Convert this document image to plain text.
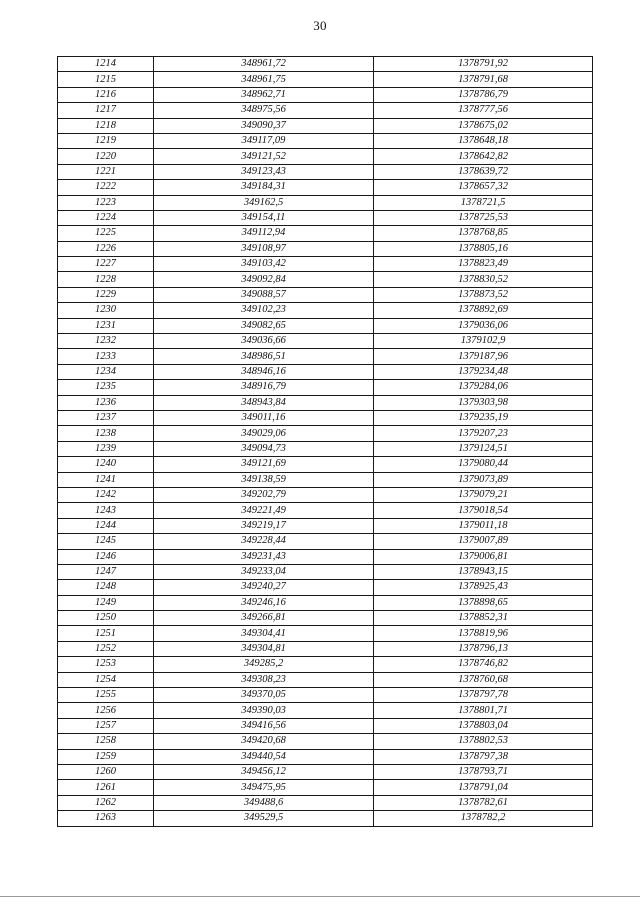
30
1214	348961,72	1378791,92
1215	348961,75	1378791,68
1216	348962,71	1378786,79
1217	348975,56	1378777,56
1218	349090,37	1378675,02
1219	349117,09	1378648,18
1220	349121,52	1378642,82
1221	349123,43	1378639,72
1222	349184,31	1378657,32
1223	349162,5	1378721,5
1224	349154,11	1378725,53
1225	349112,94	1378768,85
1226	349108,97	1378805,16
1227	349103,42	1378823,49
1228	349092,84	1378830,52
1229	349088,57	1378873,52
1230	349102,23	1378892,69
1231	349082,65	1379036,06
1232	349036,66	1379102,9
1233	348986,51	1379187,96
1234	348946,16	1379234,48
1235	348916,79	1379284,06
1236	348943,84	1379303,98
1237	349011,16	1379235,19
1238	349029,06	1379207,23
1239	349094,73	1379124,51
1240	349121,69	1379080,44
1241	349138,59	1379073,89
1242	349202,79	1379079,21
1243	349221,49	1379018,54
1244	349219,17	1379011,18
1245	349228,44	1379007,89
1246	349231,43	1379006,81
1247	349233,04	1378943,15
1248	349240,27	1378925,43
1249	349246,16	1378898,65
1250	349266,81	1378852,31
1251	349304,41	1378819,96
1252	349304,81	1378796,13
1253	349285,2	1378746,82
1254	349308,23	1378760,68
1255	349370,05	1378797,78
1256	349390,03	1378801,71
1257	349416,56	1378803,04
1258	349420,68	1378802,53
1259	349440,54	1378797,38
1260	349456,12	1378793,71
1261	349475,95	1378791,04
1262	349488,6	1378782,61
1263	349529,5	1378782,2
